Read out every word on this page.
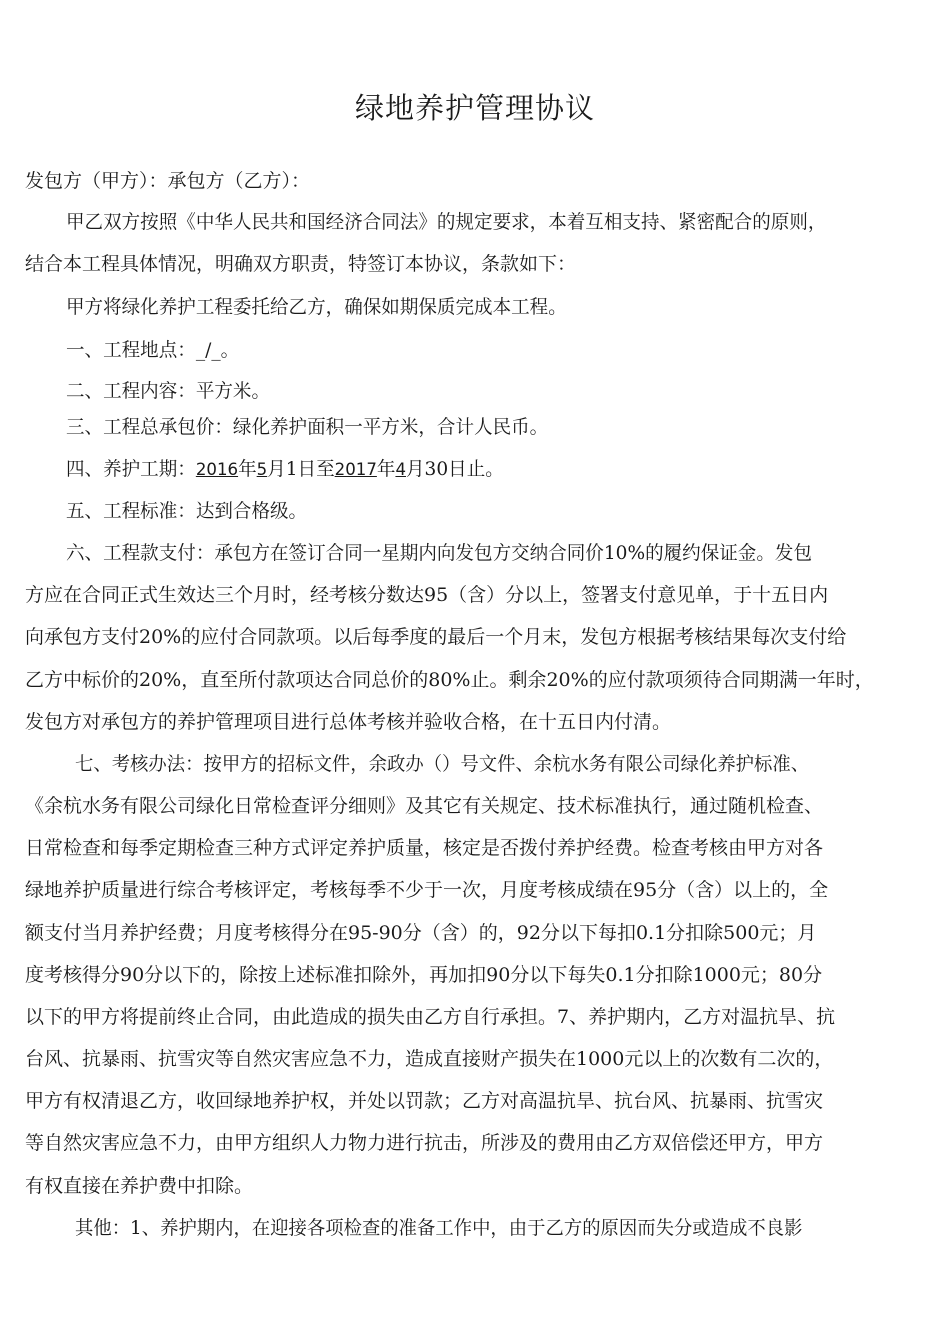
绿地养护管理协议
发包方（甲方）：承包方（乙方）：
甲乙双方按照《中华人民共和国经济合同法》的规定要求，本着互相支持、紧密配合的原则，
结合本工程具体情况，明确双方职责，特签订本协议，条款如下：
甲方将绿化养护工程委托给乙方，确保如期保质完成本工程。
一、工程地点：_/_。
二、工程内容：平方米。
三、工程总承包价：绿化养护面积一平方米，合计人民币。
四、养护工期：2016年5月1日至2017年4月30日止。
五、工程标准：达到合格级。
六、工程款支付：承包方在签订合同一星期内向发包方交纳合同价10%的履约保证金。发包
方应在合同正式生效达三个月时，经考核分数达95（含）分以上，签署支付意见单，于十五日内
向承包方支付20%的应付合同款项。以后每季度的最后一个月末，发包方根据考核结果每次支付给
乙方中标价的20%，直至所付款项达合同总价的80%止。剩余20%的应付款项须待合同期满一年时，
发包方对承包方的养护管理项目进行总体考核并验收合格，在十五日内付清。
七、考核办法：按甲方的招标文件，余政办（）号文件、余杭水务有限公司绿化养护标准、
《余杭水务有限公司绿化日常检查评分细则》及其它有关规定、技术标准执行，通过随机检查、
日常检查和每季定期检查三种方式评定养护质量，核定是否拨付养护经费。检查考核由甲方对各
绿地养护质量进行综合考核评定，考核每季不少于一次，月度考核成绩在95分（含）以上的，全
额支付当月养护经费；月度考核得分在95-90分（含）的，92分以下每扣0.1分扣除500元；月
度考核得分90分以下的，除按上述标准扣除外，再加扣90分以下每失0.1分扣除1000元；80分
以下的甲方将提前终止合同，由此造成的损失由乙方自行承担。7、养护期内，乙方对温抗旱、抗
台风、抗暴雨、抗雪灾等自然灾害应急不力，造成直接财产损失在1000元以上的次数有二次的，
甲方有权清退乙方，收回绿地养护权，并处以罚款；乙方对高温抗旱、抗台风、抗暴雨、抗雪灾
等自然灾害应急不力，由甲方组织人力物力进行抗击，所涉及的费用由乙方双倍偿还甲方，甲方
有权直接在养护费中扣除。
其他：1、养护期内，在迎接各项检查的准备工作中，由于乙方的原因而失分或造成不良影
